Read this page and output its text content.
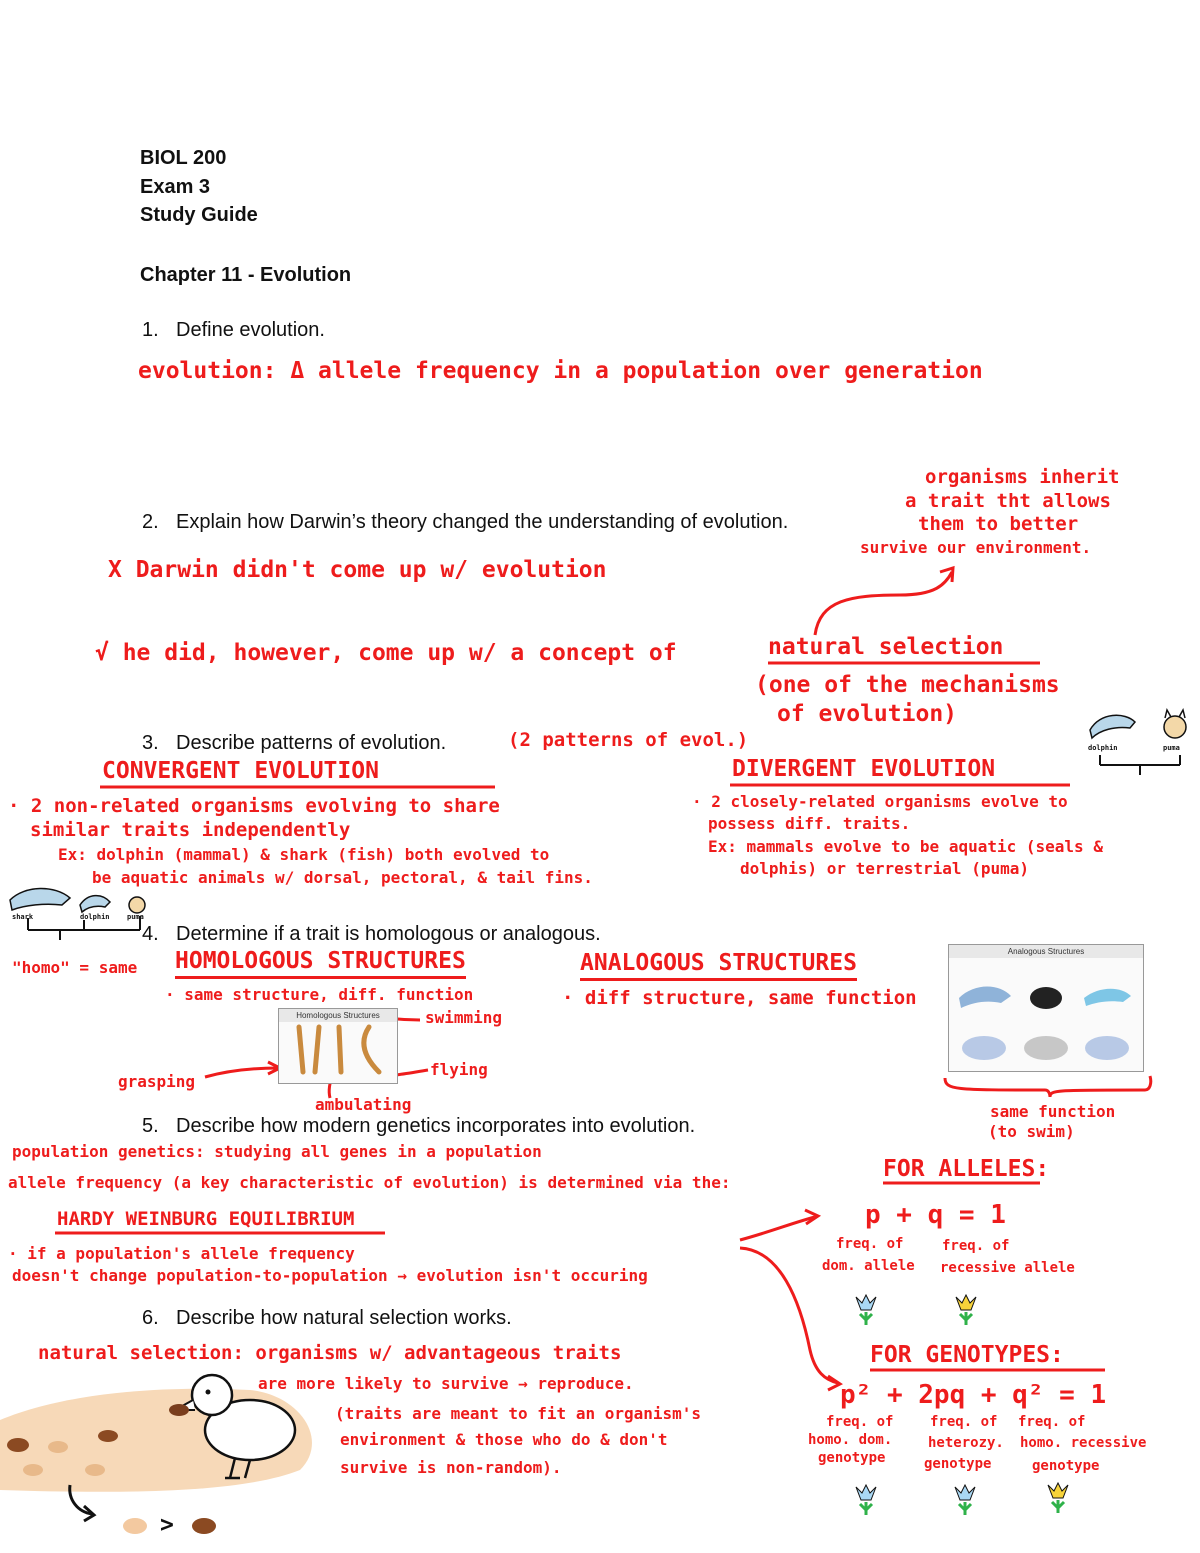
BIOL 200
Exam 3
Study Guide
Chapter 11 - Evolution
1. Define evolution.
2. Explain how Darwin’s theory changed the understanding of evolution.
3. Describe patterns of evolution.
4. Determine if a trait is homologous or analogous.
5. Describe how modern genetics incorporates into evolution.
6. Describe how natural selection works.
evolution: Δ allele frequency in a population over generation
organisms inherit
a trait tht allows
them to better
survive our environment.
X Darwin didn't come up w/ evolution
√ he did, however, come up w/ a concept of	natural selection
(one of the mechanisms
of evolution)
(2 patterns of evol.)
CONVERGENT EVOLUTION
· 2 non-related organisms evolving to share
similar traits independently
Ex: dolphin (mammal) & shark (fish) both evolved to
be aquatic animals w/ dorsal, pectoral, & tail fins.
DIVERGENT EVOLUTION
· 2 closely-related organisms evolve to
possess diff. traits.
Ex: mammals evolve to be aquatic (seals &
dolphis) or terrestrial (puma)
dolphin	puma
shark	dolphin puma
"homo" = same HOMOLOGOUS STRUCTURES
· same structure, diff. function
Homologous Structures	swimming
flying
grasping
ambulating
ANALOGOUS STRUCTURES
· diff structure, same function
Analogous Structures
same function
(to swim)
population genetics: studying all genes in a population
allele frequency (a key characteristic of evolution) is determined via the:
HARDY WEINBURG EQUILIBRIUM
· if a population's allele frequency
doesn't change population-to-population → evolution isn't occuring
FOR ALLELES:
p + q = 1
freq. of
dom. allele
freq. of
recessive allele
FOR GENOTYPES:
p² + 2pq + q² = 1
freq. of
homo. dom.
genotype
freq. of
heterozy.
genotype
freq. of
homo. recessive
genotype
natural selection: organisms w/ advantageous traits
are more likely to survive → reproduce.
(traits are meant to fit an organism's
environment & those who do & don't
survive is non-random).
>
